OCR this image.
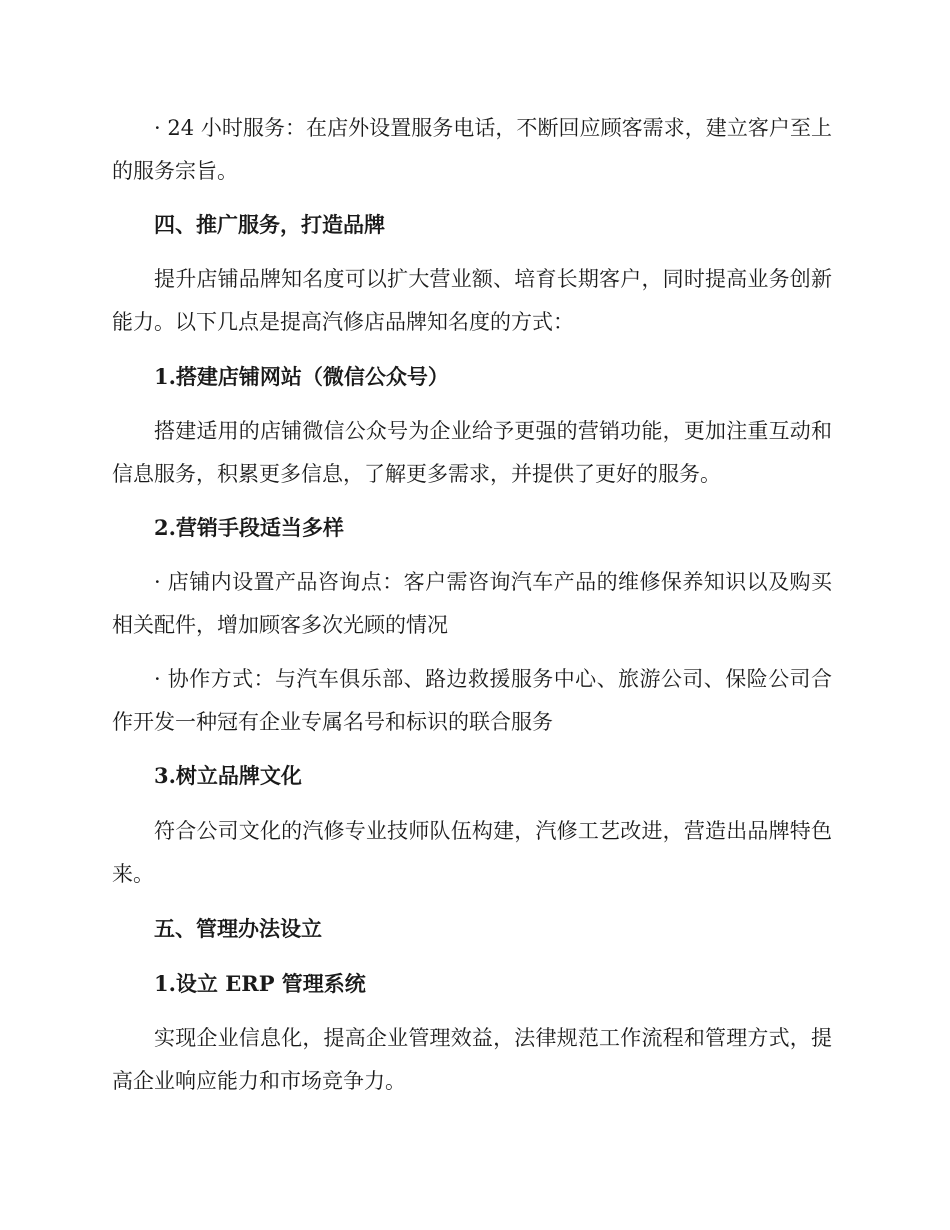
· 24 小时服务：在店外设置服务电话，不断回应顾客需求，建立客户至上的服务宗旨。

四、推广服务，打造品牌

提升店铺品牌知名度可以扩大营业额、培育长期客户，同时提高业务创新能力。以下几点是提高汽修店品牌知名度的方式：

1.搭建店铺网站（微信公众号）

搭建适用的店铺微信公众号为企业给予更强的营销功能，更加注重互动和信息服务，积累更多信息，了解更多需求，并提供了更好的服务。

2.营销手段适当多样

· 店铺内设置产品咨询点：客户需咨询汽车产品的维修保养知识以及购买相关配件，增加顾客多次光顾的情况

· 协作方式：与汽车俱乐部、路边救援服务中心、旅游公司、保险公司合作开发一种冠有企业专属名号和标识的联合服务

3.树立品牌文化

符合公司文化的汽修专业技师队伍构建，汽修工艺改进，营造出品牌特色来。

五、管理办法设立

1.设立 ERP 管理系统

实现企业信息化，提高企业管理效益，法律规范工作流程和管理方式，提高企业响应能力和市场竞争力。
